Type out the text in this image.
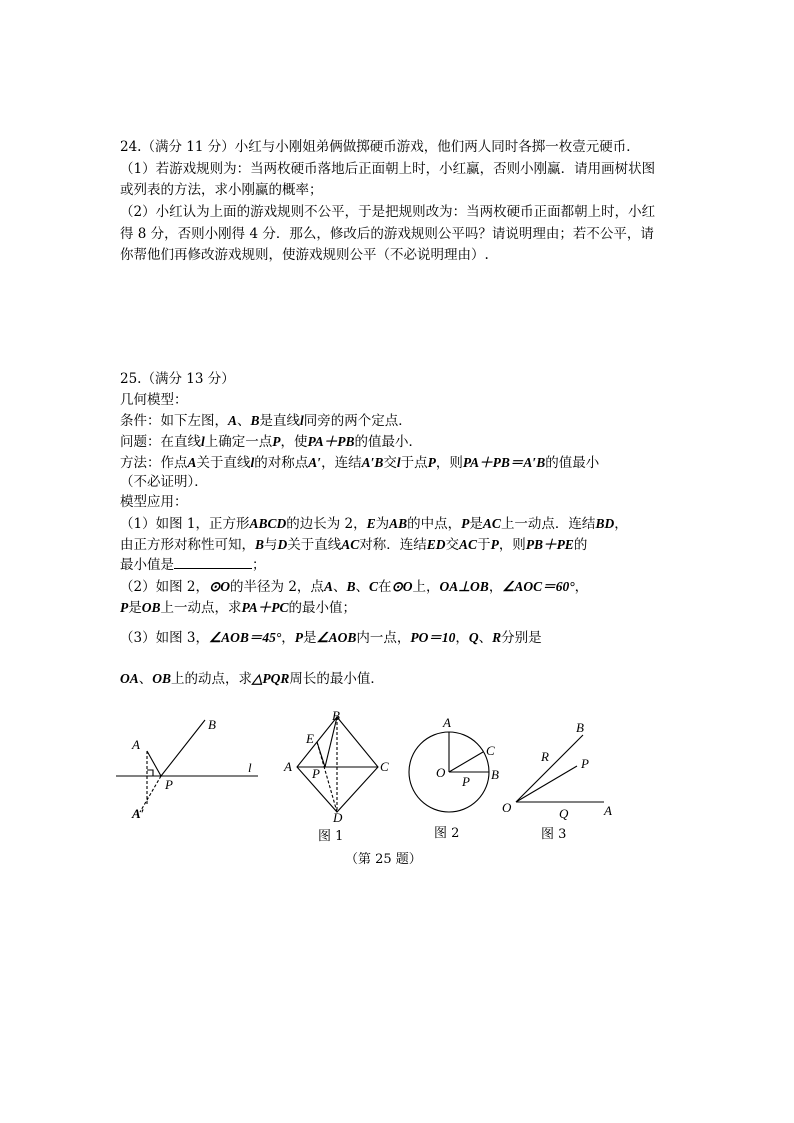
24.（满分 11 分）小红与小刚姐弟俩做掷硬币游戏，他们两人同时各掷一枚壹元硬币．
（1）若游戏规则为：当两枚硬币落地后正面朝上时，小红赢，否则小刚赢．请用画树状图
或列表的方法，求小刚赢的概率；
（2）小红认为上面的游戏规则不公平，于是把规则改为：当两枚硬币正面都朝上时，小红
得 8 分，否则小刚得 4 分．那么，修改后的游戏规则公平吗？请说明理由；若不公平，请
你帮他们再修改游戏规则，使游戏规则公平（不必说明理由）.
25.（满分 13 分）
几何模型：
条件：如下左图，A、B是直线l同旁的两个定点．
问题：在直线l上确定一点P，使PA＋PB的值最小．
方法：作点A关于直线l的对称点A′，连结A′B交l于点P，则PA＋PB＝A′B的值最小
（不必证明）．
模型应用：
（1）如图 1，正方形ABCD的边长为 2，E为AB的中点，P是AC上一动点．连结BD，
由正方形对称性可知，B与D关于直线AC对称．连结ED交AC于P，则PB＋PE的
最小值是	；
（2）如图 2，⊙O的半径为 2，点A、B、C在⊙O上，OA⊥OB，∠AOC＝60°，
P是OB上一动点，求PA＋PC的最小值；
（3）如图 3，∠AOB＝45°，P是∠AOB内一点，PO＝10，Q、R分别是
OA、OB上的动点，求△PQR周长的最小值．
A
B
P
l
A′
B
E
A P	C
D
图 1
A
C
O
P B
图 2
B
R P
O	Q	A
图 3
（第 25 题）
